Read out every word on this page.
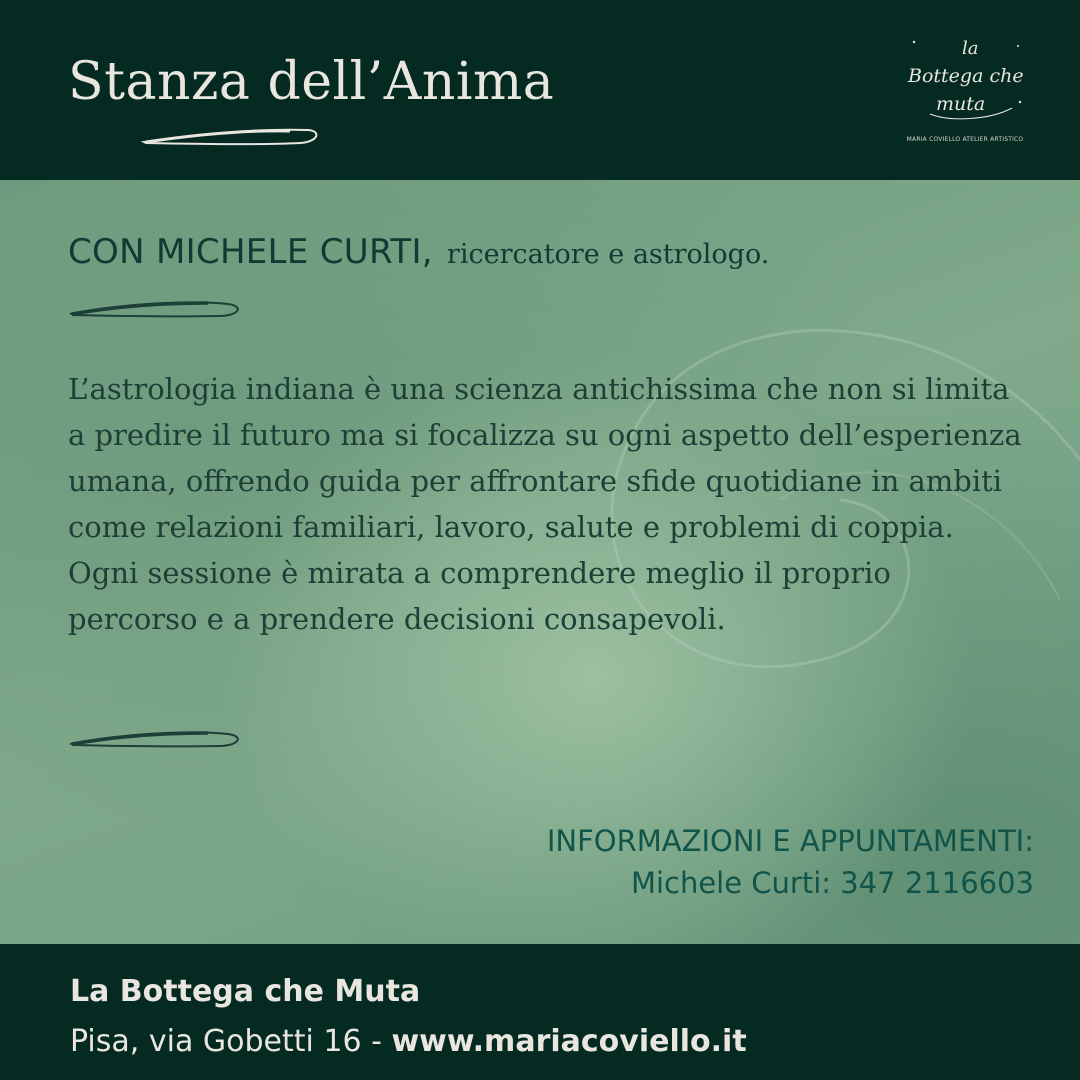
Stanza dell’Anima
la
Bottega che
muta
MARIA COVIELLO ATELIER ARTISTICO
CON MICHELE CURTI, ricercatore e astrologo.

L’astrologia indiana è una scienza antichissima che non si limita a predire il futuro ma si focalizza su ogni aspetto dell’esperienza umana, offrendo guida per affrontare sfide quotidiane in ambiti come relazioni familiari, lavoro, salute e problemi di coppia.

Ogni sessione è mirata a comprendere meglio il proprio percorso e a prendere decisioni consapevoli.

INFORMAZIONI E APPUNTAMENTI:
Michele Curti: 347 2116603
La Bottega che Muta
Pisa, via Gobetti 16 - www.mariacoviello.it
